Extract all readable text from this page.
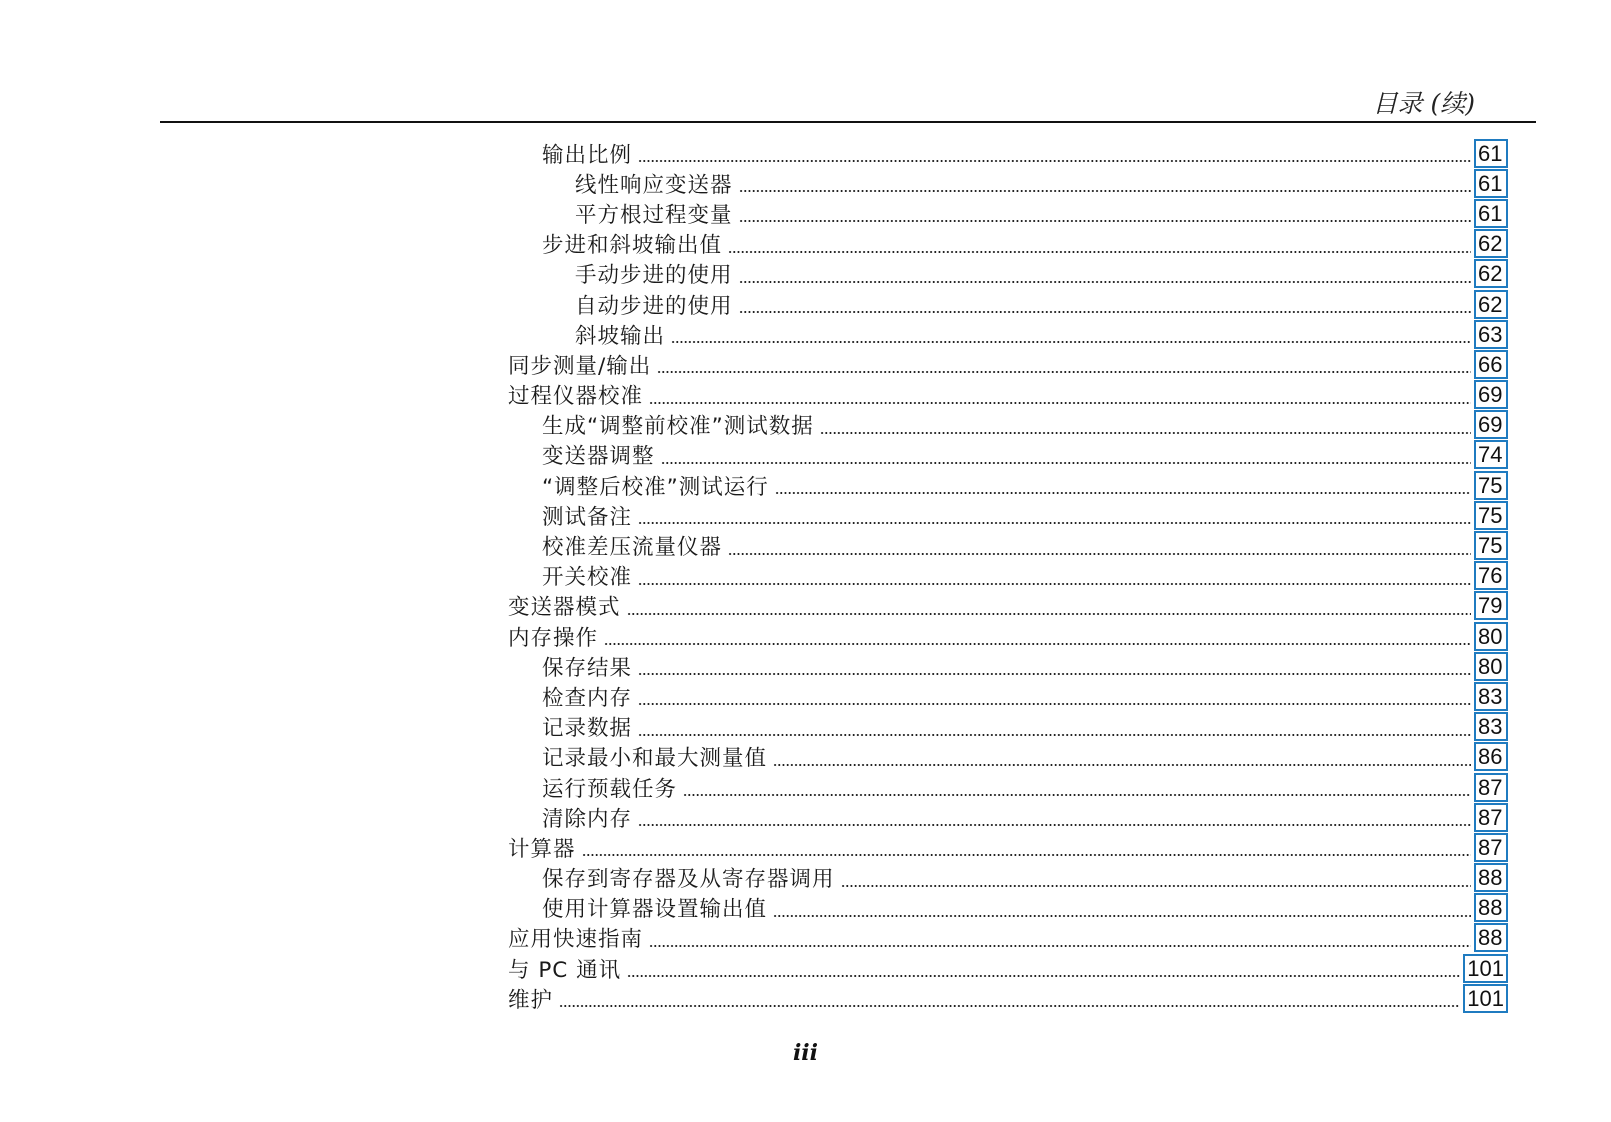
目录 (续)
输出比例	61
线性响应变送器	61
平方根过程变量	61
步进和斜坡输出值	62
手动步进的使用	62
自动步进的使用	62
斜坡输出	63
同步测量/输出	66
过程仪器校准	69
生成“调整前校准”测试数据	69
变送器调整	74
“调整后校准”测试运行	75
测试备注	75
校准差压流量仪器	75
开关校准	76
变送器模式	79
内存操作	80
保存结果	80
检查内存	83
记录数据	83
记录最小和最大测量值	86
运行预载任务	87
清除内存	87
计算器	87
保存到寄存器及从寄存器调用	88
使用计算器设置输出值	88
应用快速指南	88
与 PC 通讯	101
维护	101
iii
